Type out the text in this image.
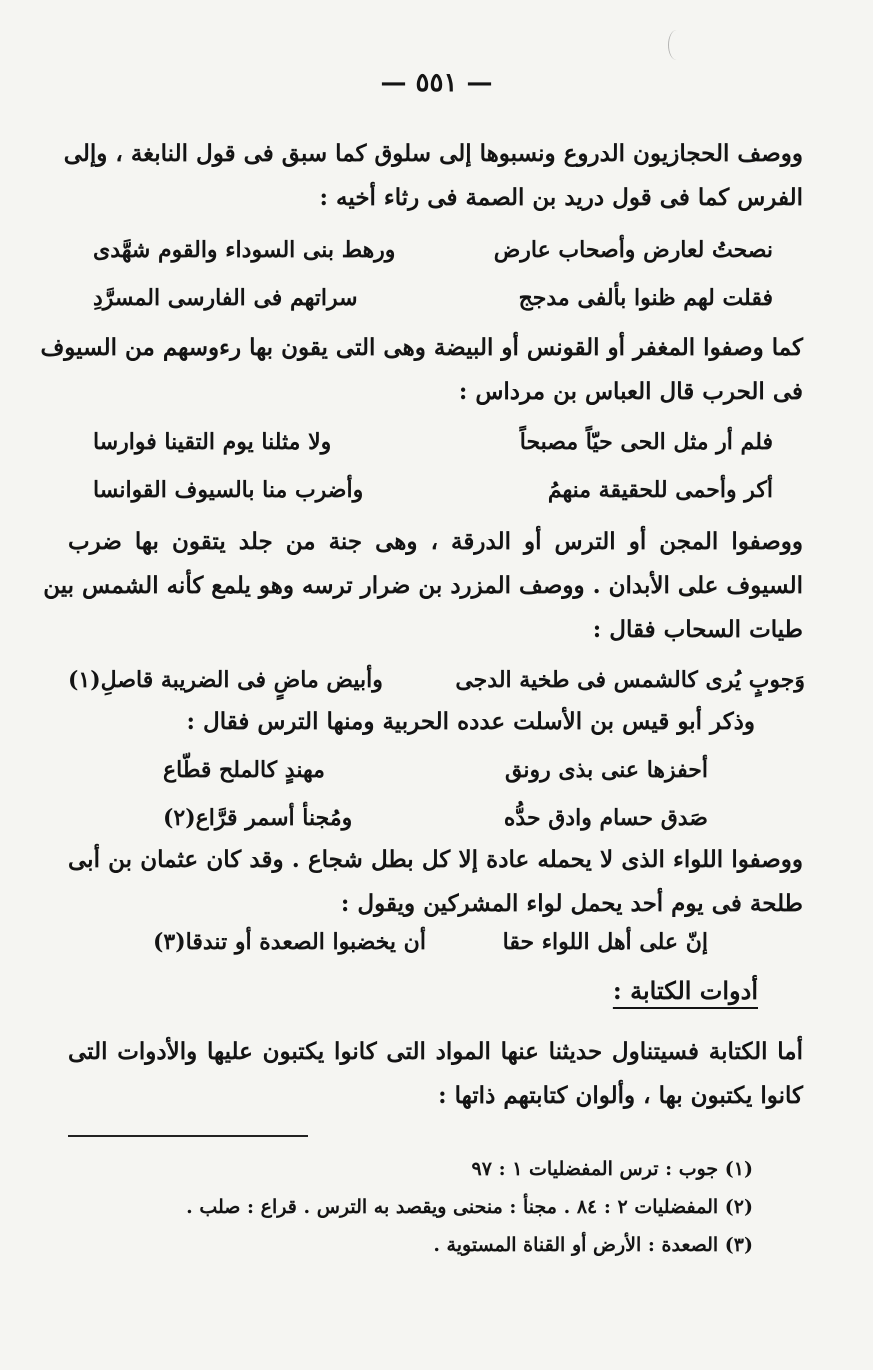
— ٥٥١ —
ووصف الحجازيون الدروع ونسبوها إلى سلوق كما سبق فى قول النابغة ، وإلى
الفرس كما فى قول دريد بن الصمة فى رثاء أخيه :
نصحتُ لعارض وأصحاب عارض
ورهط بنى السوداء والقوم شهَّدى
فقلت لهم ظنوا بألفى مدجج
سراتهم فى الفارسى المسرَّدِ
كما وصفوا المغفر أو القونس أو البيضة وهى التى يقون بها رءوسهم من السيوف
فى الحرب قال العباس بن مرداس :
فلم أر مثل الحى حيّاً مصبحاً
ولا مثلنا يوم التقينا فوارسا
أكر وأحمى للحقيقة منهمُ
وأضرب منا بالسيوف القوانسا
ووصفوا المجن أو الترس أو الدرقة ، وهى جنة من جلد يتقون بها ضرب
السيوف على الأبدان . ووصف المزرد بن ضرار ترسه وهو يلمع كأنه الشمس بين
طيات السحاب فقال :
وَجوبٍ يُرى كالشمس فى طخية الدجى
وأبيض ماضٍ فى الضريبة قاصلِ(١)
وذكر أبو قيس بن الأسلت عدده الحربية ومنها الترس فقال :
أحفزها عنى بذى رونق
مهندٍ كالملح قطّاع
صَدق حسام وادق حدُّه
ومُجنأ أسمر قرَّاع(٢)
ووصفوا اللواء الذى لا يحمله عادة إلا كل بطل شجاع . وقد كان عثمان بن أبى
طلحة فى يوم أحد يحمل لواء المشركين ويقول :
إنّ على أهل اللواء حقا
أن يخضبوا الصعدة أو تندقا(٣)
أدوات الكتابة :
أما الكتابة فسيتناول حديثنا عنها المواد التى كانوا يكتبون عليها والأدوات التى
كانوا يكتبون بها ، وألوان كتابتهم ذاتها :
(١) جوب : ترس المفضليات ١ : ٩٧
(٢) المفضليات ٢ : ٨٤ . مجنأ : منحنى ويقصد به الترس . قراع : صلب .
(٣) الصعدة : الأرض أو القناة المستوية .
